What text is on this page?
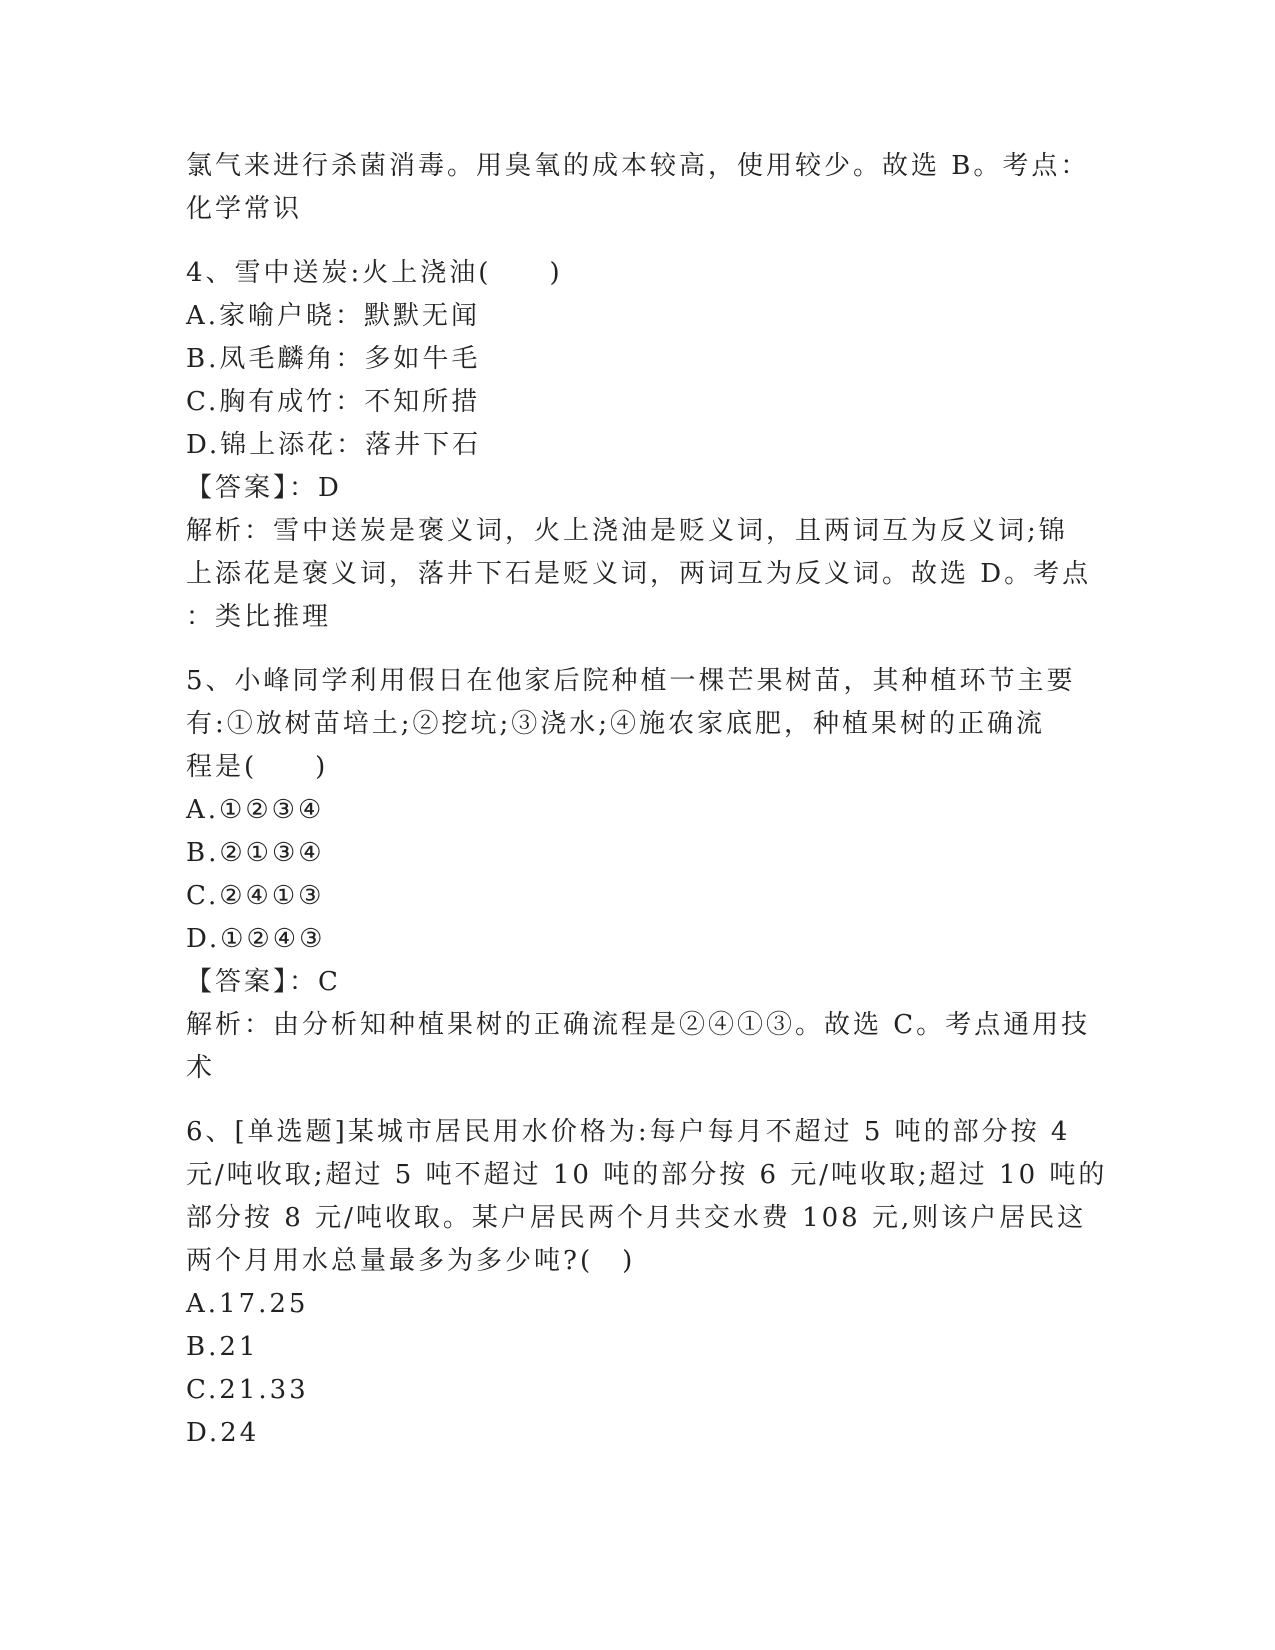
氯气来进行杀菌消毒。用臭氧的成本较高，使用较少。故选 B。考点：
化学常识
4、雪中送炭:火上浇油(　　)
A.家喻户晓：默默无闻
B.凤毛麟角：多如牛毛
C.胸有成竹：不知所措
D.锦上添花：落井下石
【答案】：D
解析：雪中送炭是褒义词，火上浇油是贬义词，且两词互为反义词;锦
上添花是褒义词，落井下石是贬义词，两词互为反义词。故选 D。考点
：类比推理
5、小峰同学利用假日在他家后院种植一棵芒果树苗，其种植环节主要
有:①放树苗培土;②挖坑;③浇水;④施农家底肥，种植果树的正确流
程是(　　)
A.①②③④
B.②①③④
C.②④①③
D.①②④③
【答案】：C
解析：由分析知种植果树的正确流程是②④①③。故选 C。考点通用技
术
6、[单选题]某城市居民用水价格为:每户每月不超过 5 吨的部分按 4
元/吨收取;超过 5 吨不超过 10 吨的部分按 6 元/吨收取;超过 10 吨的
部分按 8 元/吨收取。某户居民两个月共交水费 108 元,则该户居民这
两个月用水总量最多为多少吨?(　)
A.17.25
B.21
C.21.33
D.24
